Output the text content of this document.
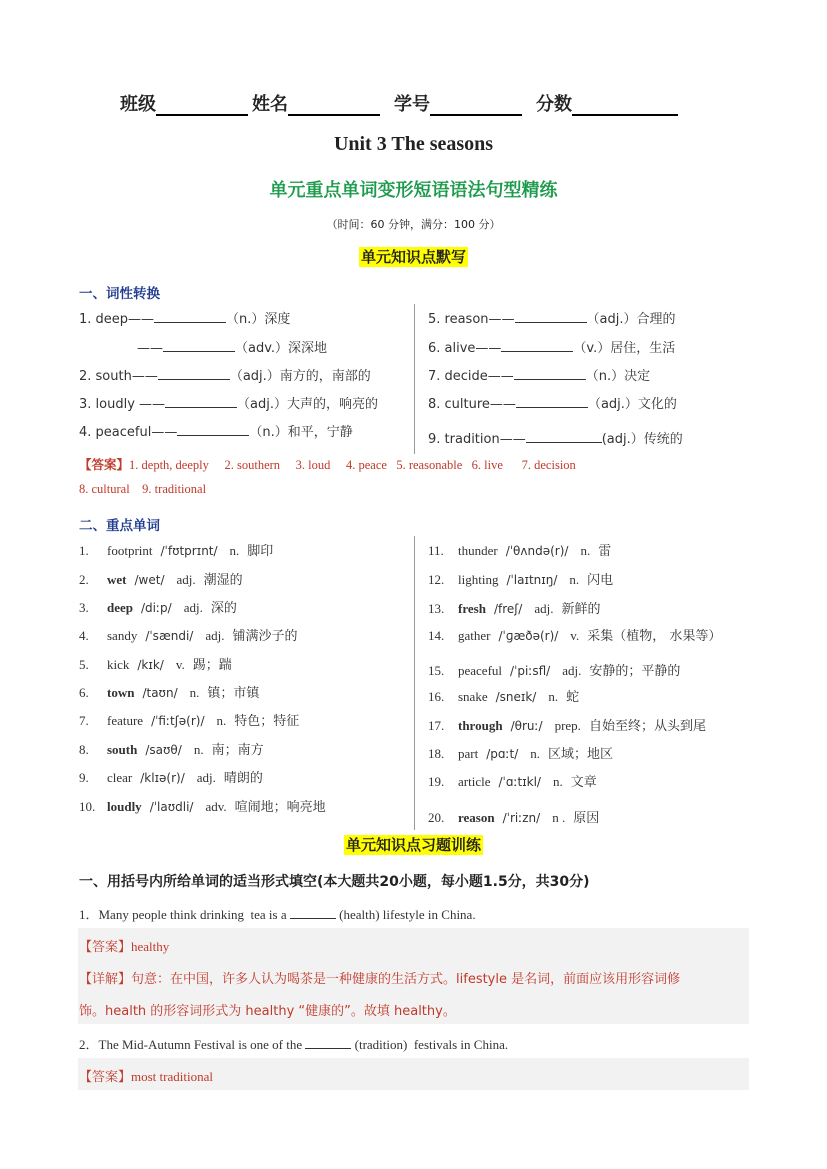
班级	姓名	学号	分数
Unit 3 The seasons
单元重点单词变形短语语法句型精练
（时间：60 分钟，满分：100 分）
单元知识点默写
一、词性转换
1. deep——	（n.）深度
——	（adv.）深深地
2. south——	（adj.）南方的，南部的
3. loudly ——	（adj.）大声的，响亮的
4. peaceful——	（n.）和平，宁静
5. reason——	（adj.）合理的
6. alive——	（v.）居住，生活
7. decide——	（n.）决定
8. culture——	（adj.）文化的
9. tradition——	(adj.）传统的
【答案】1. depth, deeply     2. southern     3. loud     4. peace   5. reasonable   6. live      7. decision
8. cultural    9. traditional
二、重点单词
单元知识点习题训练
一、用括号内所给单词的适当形式填空(本大题共20小题，每小题1.5分，共30分)
1．Many people think drinking  tea is a	(health) lifestyle in China.
【答案】healthy
【详解】句意：在中国，许多人认为喝茶是一种健康的生活方式。lifestyle 是名词，前面应该用形容词修
饰。health 的形容词形式为 healthy “健康的”。故填 healthy。
2．The Mid-Autumn Festival is one of the	(tradition)  festivals in China.
【答案】most traditional
1. footprint /ˈfʊtprɪnt/ n. 脚印
2. wet /wet/ adj. 潮湿的
3. deep /diːp/ adj. 深的
4. sandy /ˈsændi/ adj. 铺满沙子的
5. kick /kɪk/ v. 踢；踹
6. town /taʊn/ n. 镇；市镇
7. feature /ˈfiːtʃə(r)/ n. 特色；特征
8. south /saʊθ/ n. 南；南方
9. clear /klɪə(r)/ adj. 晴朗的
10. loudly /ˈlaʊdli/ adv. 喧闹地；响亮地
11. thunder /ˈθʌndə(r)/ n. 雷
12. lighting /ˈlaɪtnɪŋ/ n. 闪电
13. fresh /freʃ/ adj. 新鲜的
14. gather /ˈɡæðə(r)/ v. 采集（植物， 水果等）
15. peaceful /ˈpiːsfl/ adj. 安静的；平静的
16. snake /sneɪk/ n. 蛇
17. through /θruː/ prep. 自始至终；从头到尾
18. part /pɑːt/ n. 区域；地区
19. article /ˈɑːtɪkl/ n. 文章
20. reason /ˈriːzn/ n . 原因
